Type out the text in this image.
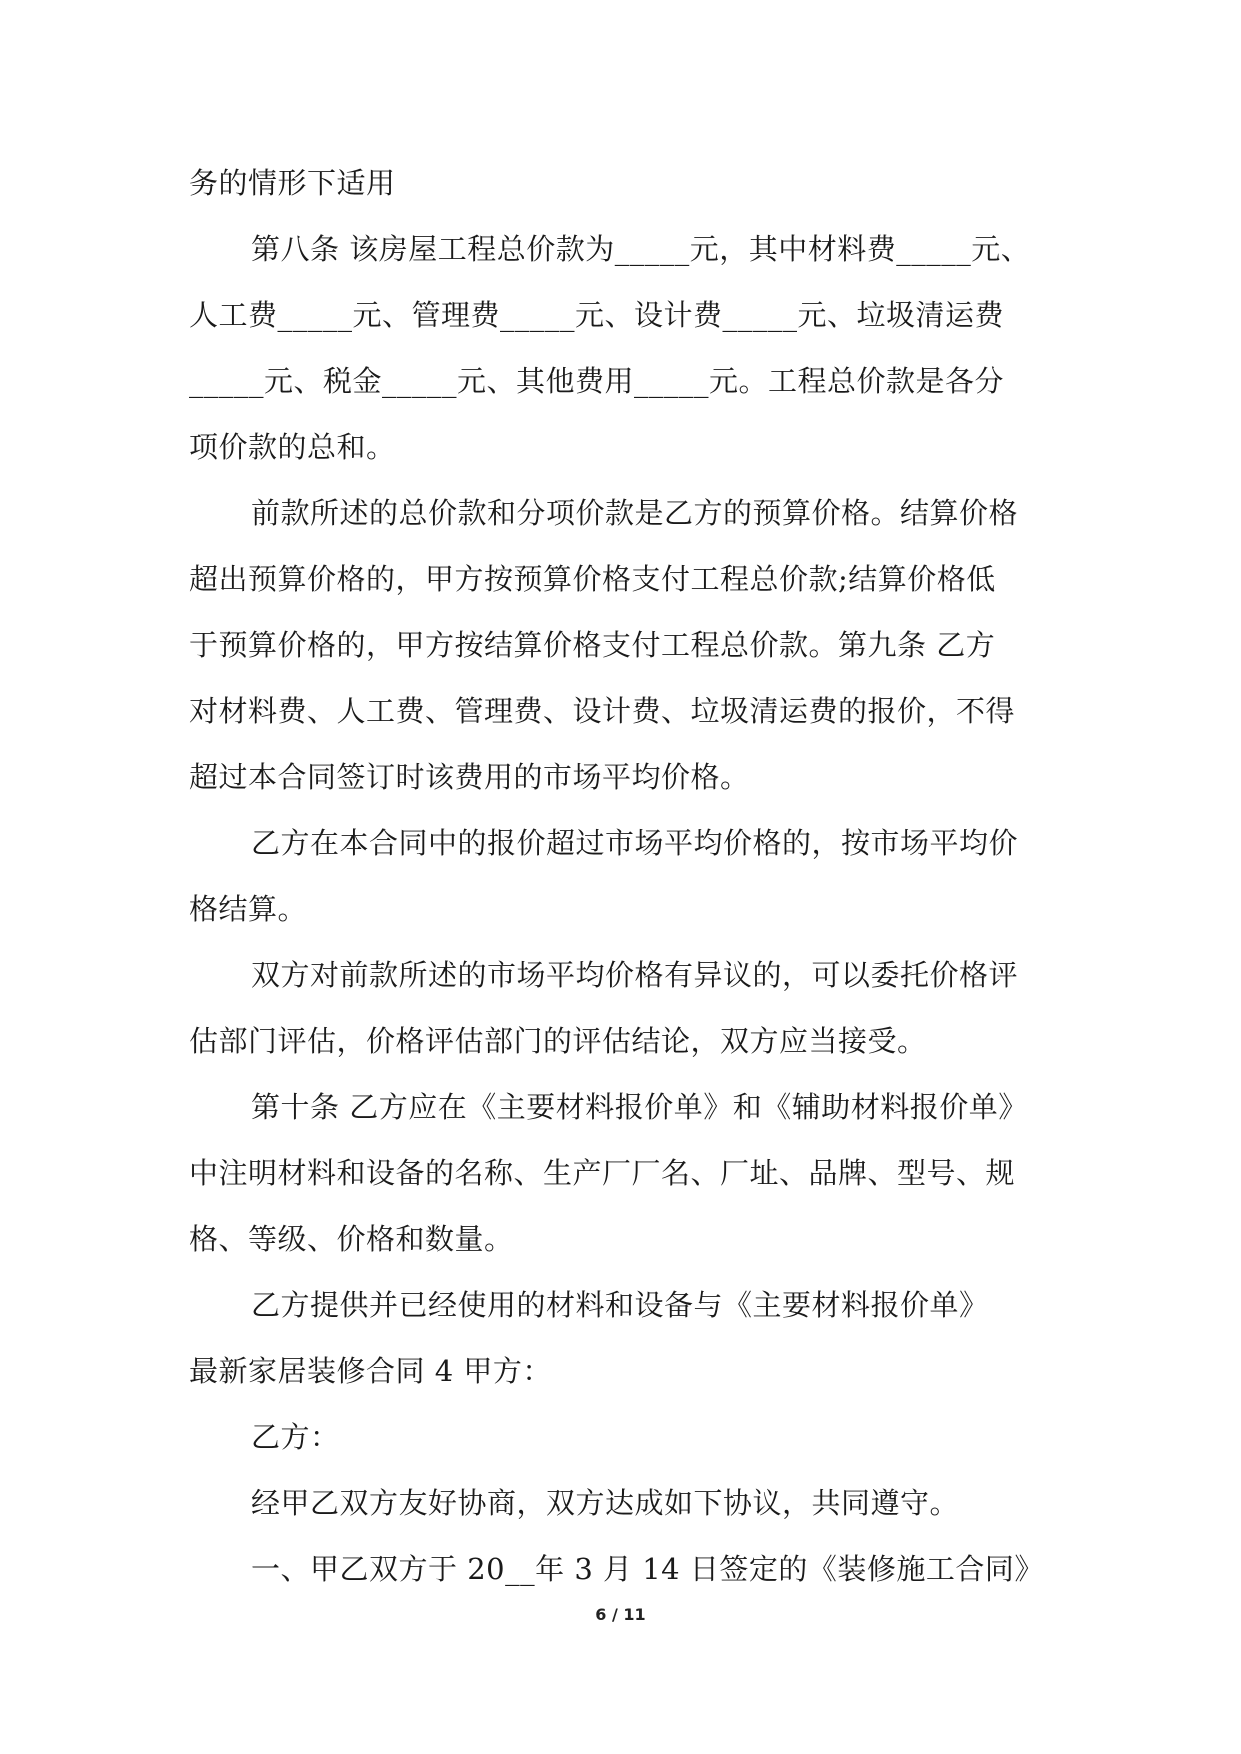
务的情形下适用
第八条 该房屋工程总价款为_____元，其中材料费_____元、
人工费_____元、管理费_____元、设计费_____元、垃圾清运费
_____元、税金_____元、其他费用_____元。工程总价款是各分
项价款的总和。
前款所述的总价款和分项价款是乙方的预算价格。结算价格
超出预算价格的，甲方按预算价格支付工程总价款;结算价格低
于预算价格的，甲方按结算价格支付工程总价款。第九条 乙方
对材料费、人工费、管理费、设计费、垃圾清运费的报价，不得
超过本合同签订时该费用的市场平均价格。
乙方在本合同中的报价超过市场平均价格的，按市场平均价
格结算。
双方对前款所述的市场平均价格有异议的，可以委托价格评
估部门评估，价格评估部门的评估结论，双方应当接受。
第十条 乙方应在《主要材料报价单》和《辅助材料报价单》
中注明材料和设备的名称、生产厂厂名、厂址、品牌、型号、规
格、等级、价格和数量。
乙方提供并已经使用的材料和设备与《主要材料报价单》
最新家居装修合同 4 甲方：
乙方：
经甲乙双方友好协商，双方达成如下协议，共同遵守。
一、甲乙双方于 20__年 3 月 14 日签定的《装修施工合同》
6 / 11
